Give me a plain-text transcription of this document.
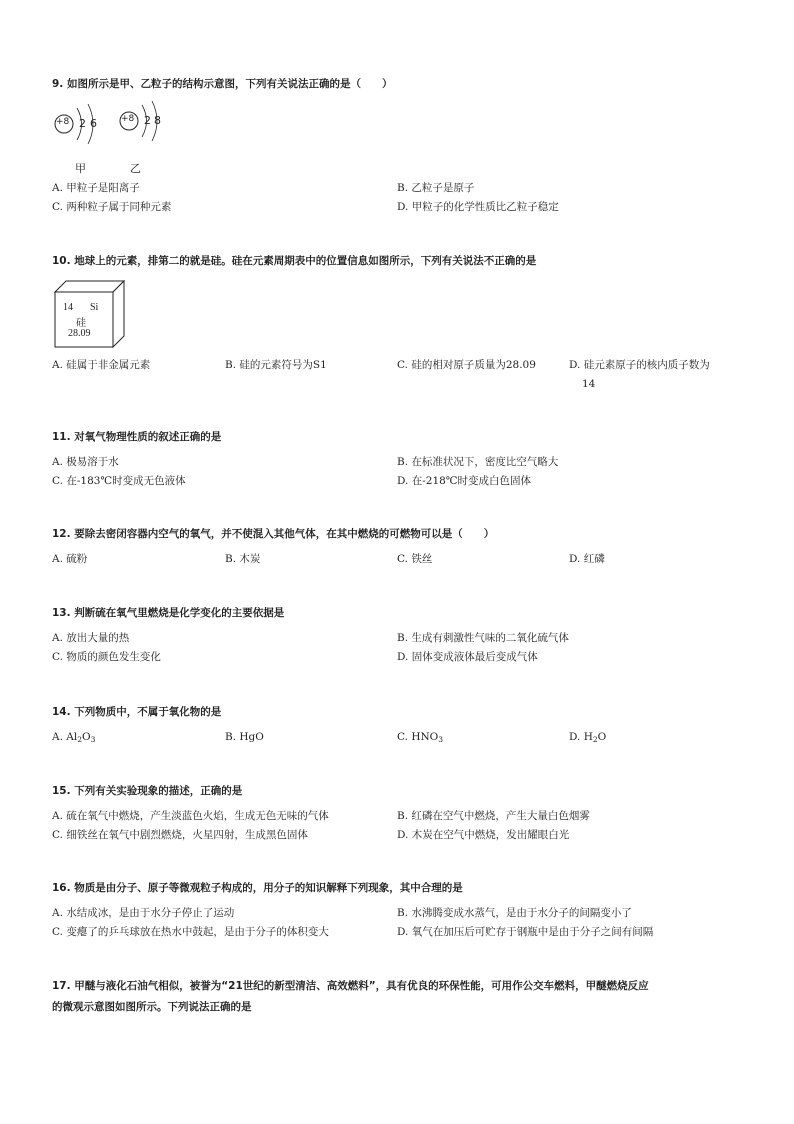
9. 如图所示是甲、乙粒子的结构示意图，下列有关说法正确的是（　　）
+8 2 6	+8 2 8
甲	乙
A. 甲粒子是阳离子	B. 乙粒子是原子
C. 两种粒子属于同种元素	D. 甲粒子的化学性质比乙粒子稳定
10. 地球上的元素，排第二的就是硅。硅在元素周期表中的位置信息如图所示，下列有关说法不正确的是
14 Si
硅
28.09
A. 硅属于非金属元素	B. 硅的元素符号为S1	C. 硅的相对原子质量为28.09	D. 硅元素原子的核内质子数为
14
11. 对氧气物理性质的叙述正确的是
A. 极易溶于水	B. 在标准状况下，密度比空气略大
C. 在-183℃时变成无色液体	D. 在-218℃时变成白色固体
12. 要除去密闭容器内空气的氧气，并不使混入其他气体，在其中燃烧的可燃物可以是（　　）
A. 硫粉	B. 木炭	C. 铁丝	D. 红磷
13. 判断硫在氧气里燃烧是化学变化的主要依据是
A. 放出大量的热	B. 生成有刺激性气味的二氧化硫气体
C. 物质的颜色发生变化	D. 固体变成液体最后变成气体
14. 下列物质中，不属于氧化物的是
A. $Al_2O_3$	B. HgO	C. $HNO_3$	D. $H_2O$
15. 下列有关实验现象的描述，正确的是
A. 硫在氧气中燃烧，产生淡蓝色火焰，生成无色无味的气体	B. 红磷在空气中燃烧，产生大量白色烟雾
C. 细铁丝在氧气中剧烈燃烧，火星四射，生成黑色固体	D. 木炭在空气中燃烧，发出耀眼白光
16. 物质是由分子、原子等微观粒子构成的，用分子的知识解释下列现象，其中合理的是
A. 水结成冰，是由于水分子停止了运动	B. 水沸腾变成水蒸气，是由于水分子的间隔变小了
C. 变瘪了的乒乓球放在热水中鼓起，是由于分子的体积变大	D. 氧气在加压后可贮存于钢瓶中是由于分子之间有间隔
17. 甲醚与液化石油气相似，被誉为“21世纪的新型清洁、高效燃料”，具有优良的环保性能，可用作公交车燃料，甲醚燃烧反应
的微观示意图如图所示。下列说法正确的是
